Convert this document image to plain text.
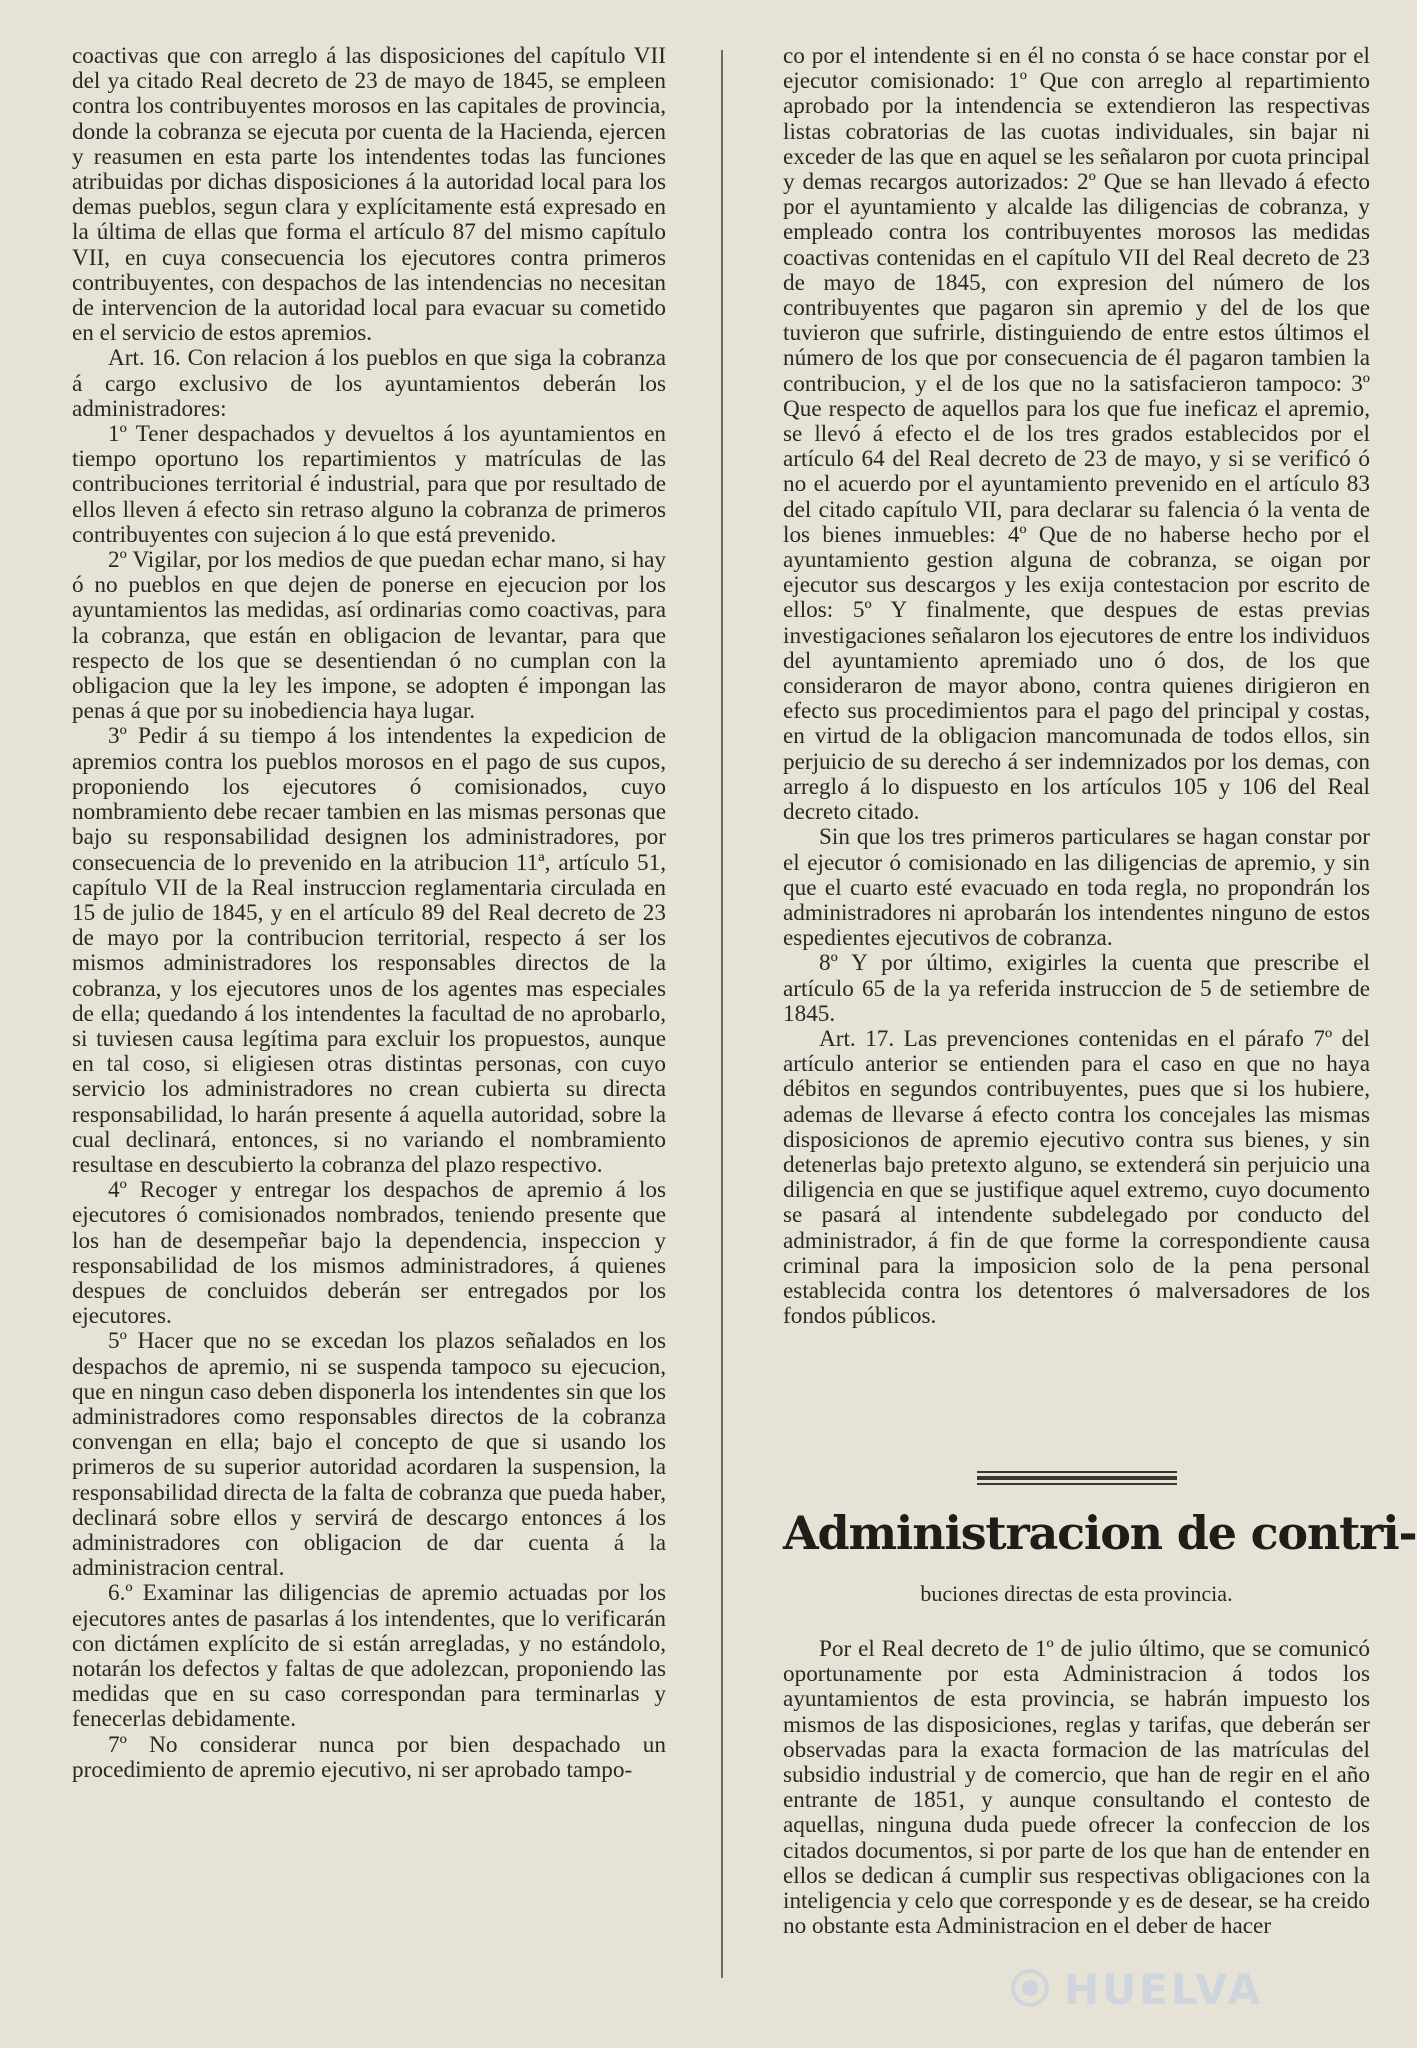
coactivas que con arreglo á las disposiciones del capítulo VII del ya citado Real decreto de 23 de mayo de 1845, se empleen contra los contribuyentes morosos en las capitales de provincia, donde la cobranza se ejecuta por cuenta de la Hacienda, ejercen y reasumen en esta parte los intendentes todas las funciones atribuidas por dichas disposiciones á la autoridad local para los demas pueblos, segun clara y explícitamente está expresado en la última de ellas que forma el artículo 87 del mismo capítulo VII, en cuya consecuencia los ejecutores contra primeros contribuyentes, con despachos de las intendencias no necesitan de intervencion de la autoridad local para evacuar su cometido en el servicio de estos apremios.

Art. 16. Con relacion á los pueblos en que siga la cobranza á cargo exclusivo de los ayuntamientos deberán los administradores:

1º Tener despachados y devueltos á los ayuntamientos en tiempo oportuno los repartimientos y matrículas de las contribuciones territorial é industrial, para que por resultado de ellos lleven á efecto sin retraso alguno la cobranza de primeros contribuyentes con sujecion á lo que está prevenido.

2º Vigilar, por los medios de que puedan echar mano, si hay ó no pueblos en que dejen de ponerse en ejecucion por los ayuntamientos las medidas, así ordinarias como coactivas, para la cobranza, que están en obligacion de levantar, para que respecto de los que se desentiendan ó no cumplan con la obligacion que la ley les impone, se adopten é impongan las penas á que por su inobediencia haya lugar.

3º Pedir á su tiempo á los intendentes la expedicion de apremios contra los pueblos morosos en el pago de sus cupos, proponiendo los ejecutores ó comisionados, cuyo nombramiento debe recaer tambien en las mismas personas que bajo su responsabilidad designen los administradores, por consecuencia de lo prevenido en la atribucion 11ª, artículo 51, capítulo VII de la Real instruccion reglamentaria circulada en 15 de julio de 1845, y en el artículo 89 del Real decreto de 23 de mayo por la contribucion territorial, respecto á ser los mismos administradores los responsables directos de la cobranza, y los ejecutores unos de los agentes mas especiales de ella; quedando á los intendentes la facultad de no aprobarlo, si tuviesen causa legítima para excluir los propuestos, aunque en tal coso, si eligiesen otras distintas personas, con cuyo servicio los administradores no crean cubierta su directa responsabilidad, lo harán presente á aquella autoridad, sobre la cual declinará, entonces, si no variando el nombramiento resultase en descubierto la cobranza del plazo respectivo.

4º Recoger y entregar los despachos de apremio á los ejecutores ó comisionados nombrados, teniendo presente que los han de desempeñar bajo la dependencia, inspeccion y responsabilidad de los mismos administradores, á quienes despues de concluidos deberán ser entregados por los ejecutores.

5º Hacer que no se excedan los plazos señalados en los despachos de apremio, ni se suspenda tampoco su ejecucion, que en ningun caso deben disponerla los intendentes sin que los administradores como responsables directos de la cobranza convengan en ella; bajo el concepto de que si usando los primeros de su superior autoridad acordaren la suspension, la responsabilidad directa de la falta de cobranza que pueda haber, declinará sobre ellos y servirá de descargo entonces á los administradores con obligacion de dar cuenta á la administracion central.

6.º Examinar las diligencias de apremio actuadas por los ejecutores antes de pasarlas á los intendentes, que lo verificarán con dictámen explícito de si están arregladas, y no estándolo, notarán los defectos y faltas de que adolezcan, proponiendo las medidas que en su caso correspondan para terminarlas y fenecerlas debidamente.

7º No considerar nunca por bien despachado un procedimiento de apremio ejecutivo, ni ser aprobado tampo-

co por el intendente si en él no consta ó se hace constar por el ejecutor comisionado: 1º Que con arreglo al repartimiento aprobado por la intendencia se extendieron las respectivas listas cobratorias de las cuotas individuales, sin bajar ni exceder de las que en aquel se les señalaron por cuota principal y demas recargos autorizados: 2º Que se han llevado á efecto por el ayuntamiento y alcalde las diligencias de cobranza, y empleado contra los contribuyentes morosos las medidas coactivas contenidas en el capítulo VII del Real decreto de 23 de mayo de 1845, con expresion del número de los contribuyentes que pagaron sin apremio y del de los que tuvieron que sufrirle, distinguiendo de entre estos últimos el número de los que por consecuencia de él pagaron tambien la contribucion, y el de los que no la satisfacieron tampoco: 3º Que respecto de aquellos para los que fue ineficaz el apremio, se llevó á efecto el de los tres grados establecidos por el artículo 64 del Real decreto de 23 de mayo, y si se verificó ó no el acuerdo por el ayuntamiento prevenido en el artículo 83 del citado capítulo VII, para declarar su falencia ó la venta de los bienes inmuebles: 4º Que de no haberse hecho por el ayuntamiento gestion alguna de cobranza, se oigan por ejecutor sus descargos y les exija contestacion por escrito de ellos: 5º Y finalmente, que despues de estas previas investigaciones señalaron los ejecutores de entre los individuos del ayuntamiento apremiado uno ó dos, de los que consideraron de mayor abono, contra quienes dirigieron en efecto sus procedimientos para el pago del principal y costas, en virtud de la obligacion mancomunada de todos ellos, sin perjuicio de su derecho á ser indemnizados por los demas, con arreglo á lo dispuesto en los artículos 105 y 106 del Real decreto citado.

Sin que los tres primeros particulares se hagan constar por el ejecutor ó comisionado en las diligencias de apremio, y sin que el cuarto esté evacuado en toda regla, no propondrán los administradores ni aprobarán los intendentes ninguno de estos espedientes ejecutivos de cobranza.

8º Y por último, exigirles la cuenta que prescribe el artículo 65 de la ya referida instruccion de 5 de setiembre de 1845.

Art. 17. Las prevenciones contenidas en el párafo 7º del artículo anterior se entienden para el caso en que no haya débitos en segundos contribuyentes, pues que si los hubiere, ademas de llevarse á efecto contra los concejales las mismas disposicionos de apremio ejecutivo contra sus bienes, y sin detenerlas bajo pretexto alguno, se extenderá sin perjuicio una diligencia en que se justifique aquel extremo, cuyo documento se pasará al intendente subdelegado por conducto del administrador, á fin de que forme la correspondiente causa criminal para la imposicion solo de la pena personal establecida contra los detentores ó malversadores de los fondos públicos.

Administracion de contri-
buciones directas de esta provincia.

Por el Real decreto de 1º de julio último, que se comunicó oportunamente por esta Administracion á todos los ayuntamientos de esta provincia, se habrán impuesto los mismos de las disposiciones, reglas y tarifas, que deberán ser observadas para la exacta formacion de las matrículas del subsidio industrial y de comercio, que han de regir en el año entrante de 1851, y aunque consultando el contesto de aquellas, ninguna duda puede ofrecer la confeccion de los citados documentos, si por parte de los que han de entender en ellos se dedican á cumplir sus respectivas obligaciones con la inteligencia y celo que corresponde y es de desear, se ha creido no obstante esta Administracion en el deber de hacer

HUELVA
